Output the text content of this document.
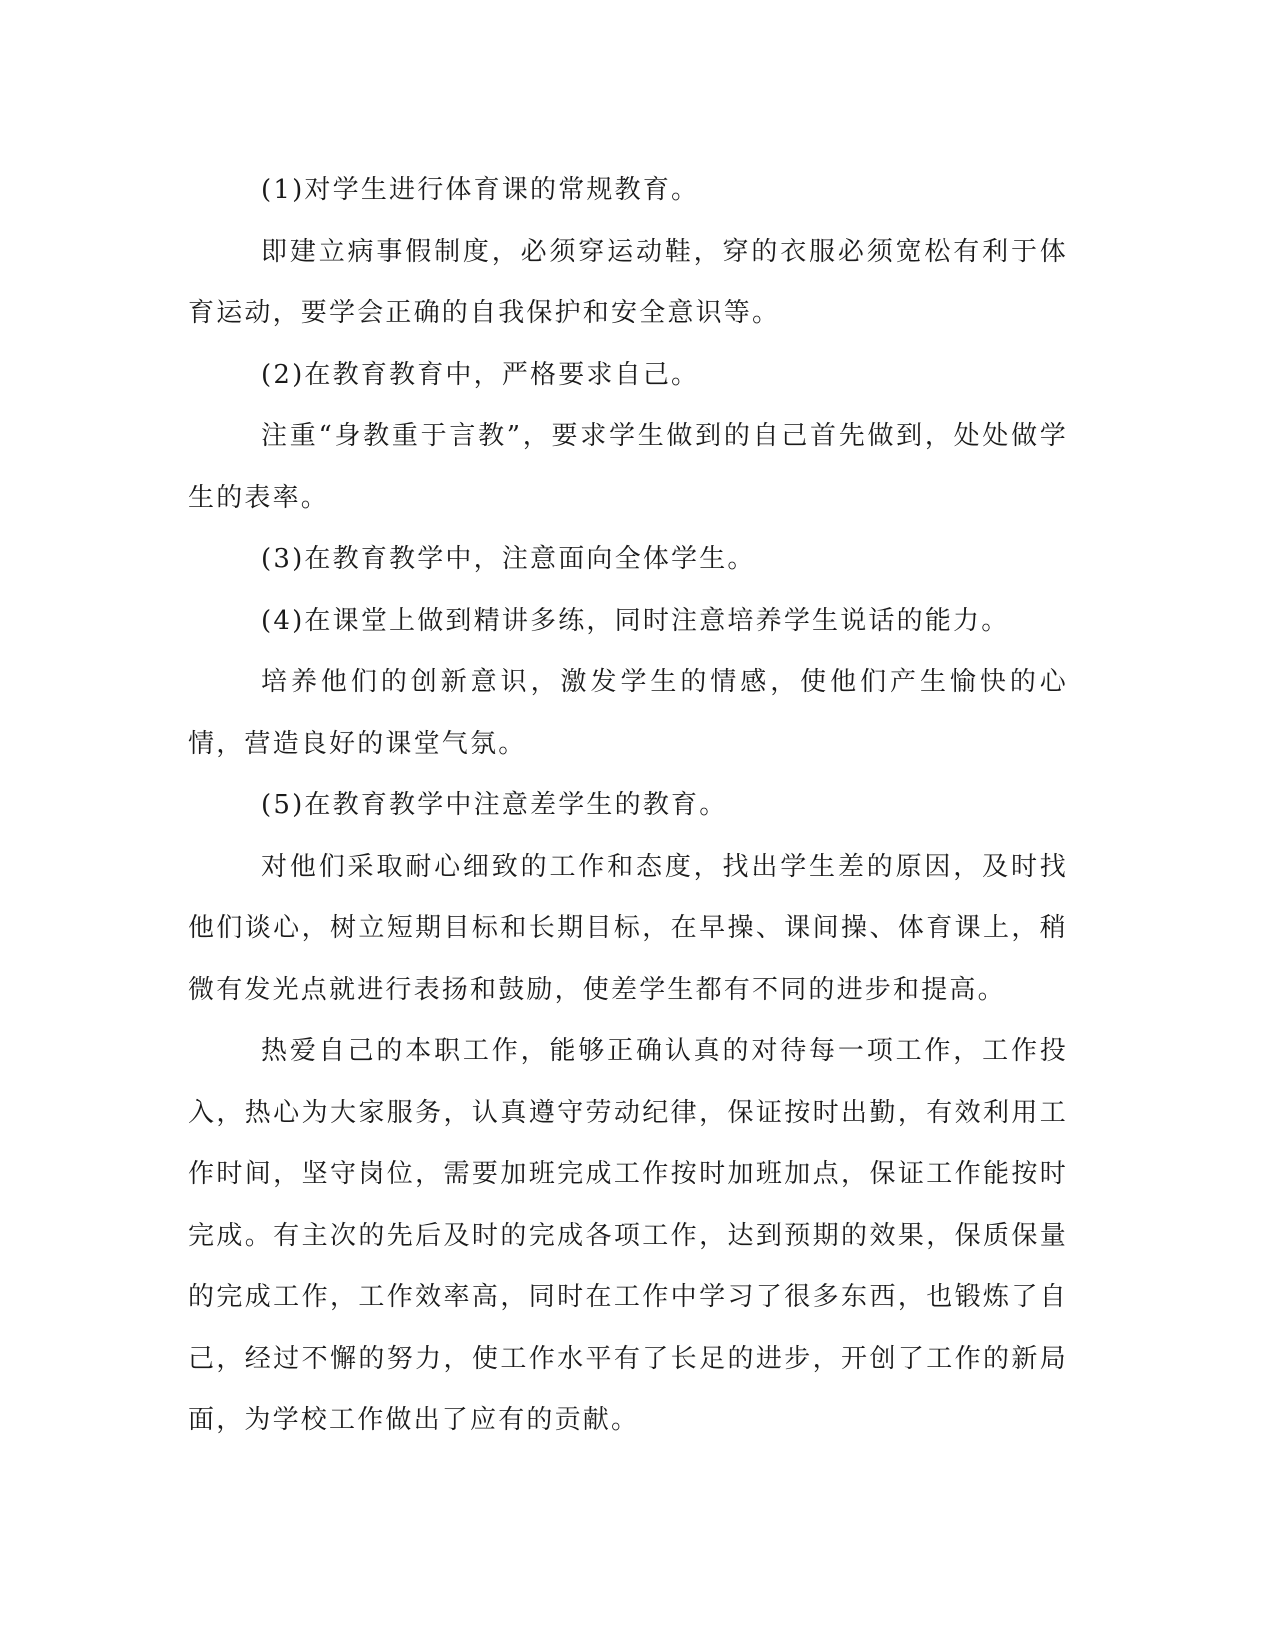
(1)对学生进行体育课的常规教育。

即建立病事假制度，必须穿运动鞋，穿的衣服必须宽松有利于体育运动，要学会正确的自我保护和安全意识等。

(2)在教育教育中，严格要求自己。

注重“身教重于言教”，要求学生做到的自己首先做到，处处做学生的表率。

(3)在教育教学中，注意面向全体学生。

(4)在课堂上做到精讲多练，同时注意培养学生说话的能力。

培养他们的创新意识，激发学生的情感，使他们产生愉快的心情，营造良好的课堂气氛。

(5)在教育教学中注意差学生的教育。

对他们采取耐心细致的工作和态度，找出学生差的原因，及时找他们谈心，树立短期目标和长期目标，在早操、课间操、体育课上，稍微有发光点就进行表扬和鼓励，使差学生都有不同的进步和提高。

热爱自己的本职工作，能够正确认真的对待每一项工作，工作投入，热心为大家服务，认真遵守劳动纪律，保证按时出勤，有效利用工作时间，坚守岗位，需要加班完成工作按时加班加点，保证工作能按时完成。有主次的先后及时的完成各项工作，达到预期的效果，保质保量的完成工作，工作效率高，同时在工作中学习了很多东西，也锻炼了自己，经过不懈的努力，使工作水平有了长足的进步，开创了工作的新局面，为学校工作做出了应有的贡献。
